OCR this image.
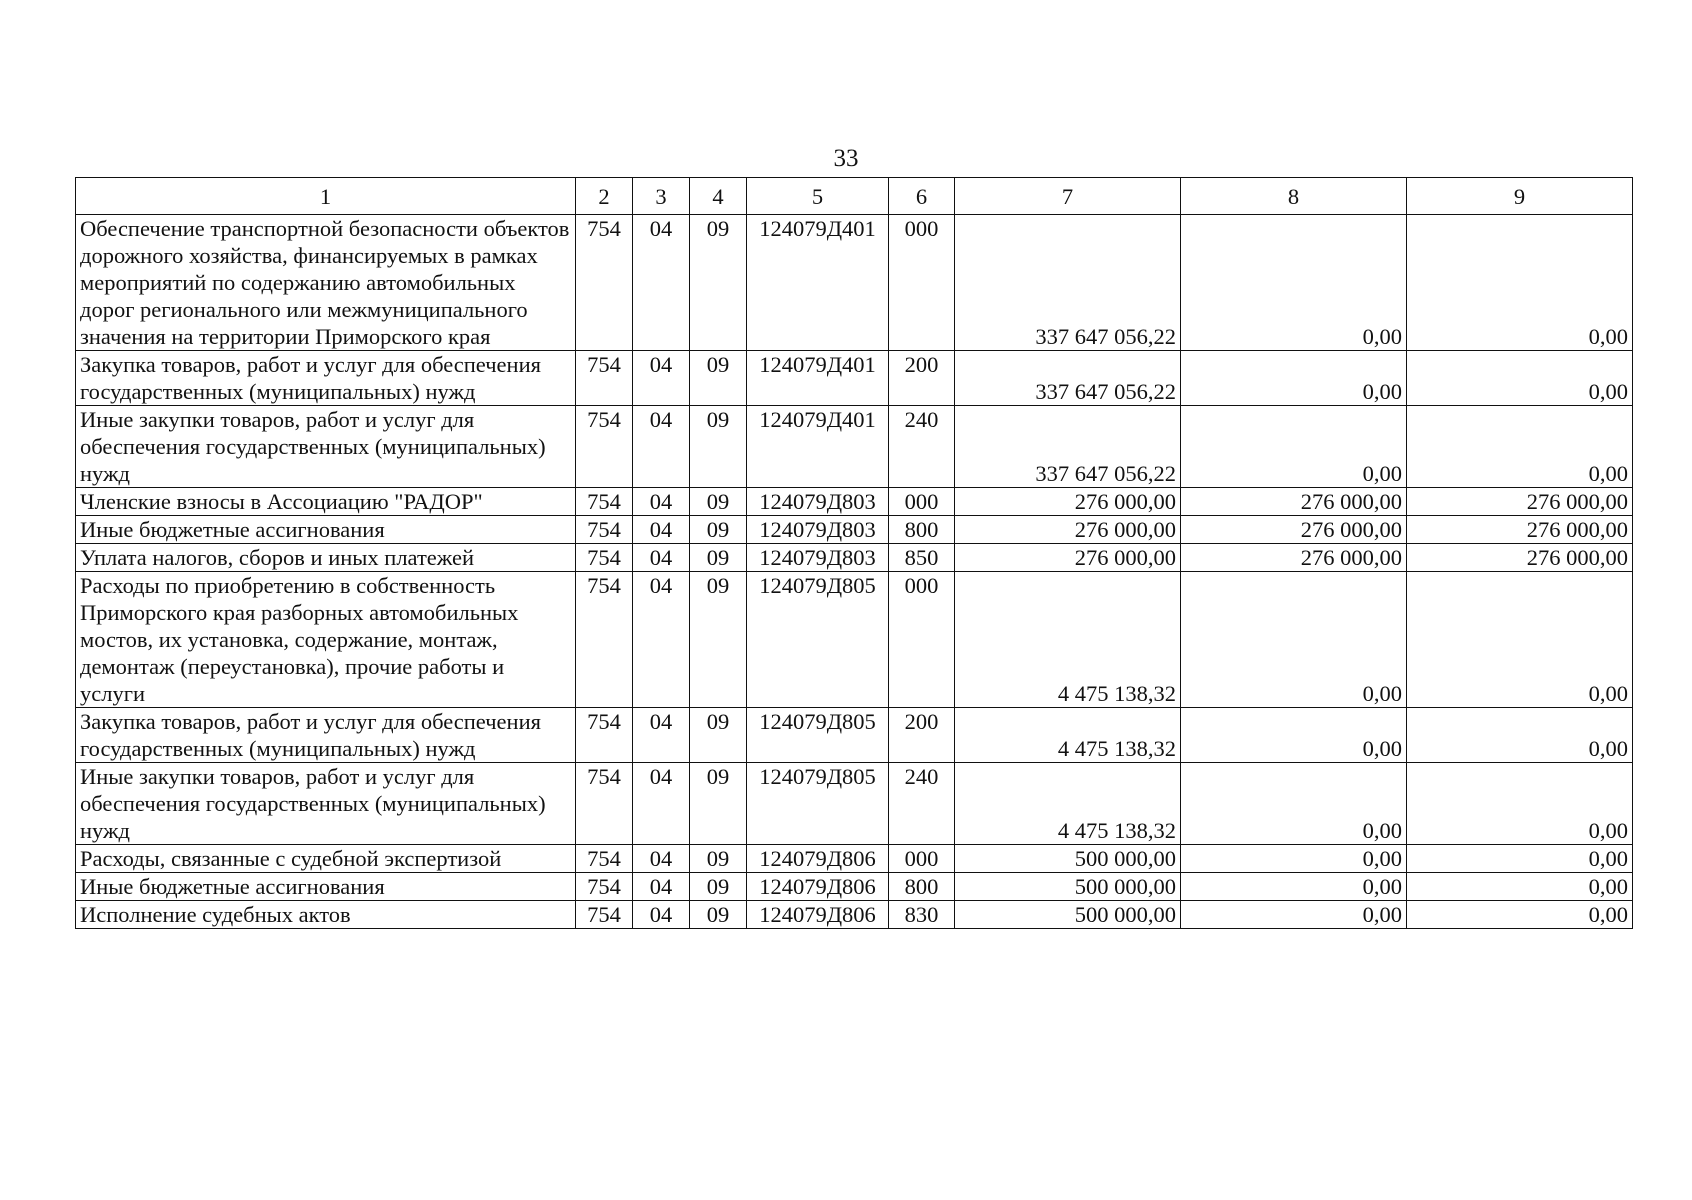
33
1	2	3	4	5	6	7	8	9
Обеспечение транспортной безопасности объектов дорожного хозяйства, финансируемых в рамках мероприятий по содержанию автомобильных дорог регионального или межмуниципального значения на территории Приморского края	754	04	09	124079Д401	000	337 647 056,22	0,00	0,00
Закупка товаров, работ и услуг для обеспечения государственных (муниципальных) нужд	754	04	09	124079Д401	200	337 647 056,22	0,00	0,00
Иные закупки товаров, работ и услуг для обеспечения государственных (муниципальных) нужд	754	04	09	124079Д401	240	337 647 056,22	0,00	0,00
Членские взносы в Ассоциацию "РАДОР"	754	04	09	124079Д803	000	276 000,00	276 000,00	276 000,00
Иные бюджетные ассигнования	754	04	09	124079Д803	800	276 000,00	276 000,00	276 000,00
Уплата налогов, сборов и иных платежей	754	04	09	124079Д803	850	276 000,00	276 000,00	276 000,00
Расходы по приобретению в собственность Приморского края разборных автомобильных мостов, их установка, содержание, монтаж, демонтаж (переустановка), прочие работы и услуги	754	04	09	124079Д805	000	4 475 138,32	0,00	0,00
Закупка товаров, работ и услуг для обеспечения государственных (муниципальных) нужд	754	04	09	124079Д805	200	4 475 138,32	0,00	0,00
Иные закупки товаров, работ и услуг для обеспечения государственных (муниципальных) нужд	754	04	09	124079Д805	240	4 475 138,32	0,00	0,00
Расходы, связанные с судебной экспертизой	754	04	09	124079Д806	000	500 000,00	0,00	0,00
Иные бюджетные ассигнования	754	04	09	124079Д806	800	500 000,00	0,00	0,00
Исполнение судебных актов	754	04	09	124079Д806	830	500 000,00	0,00	0,00
